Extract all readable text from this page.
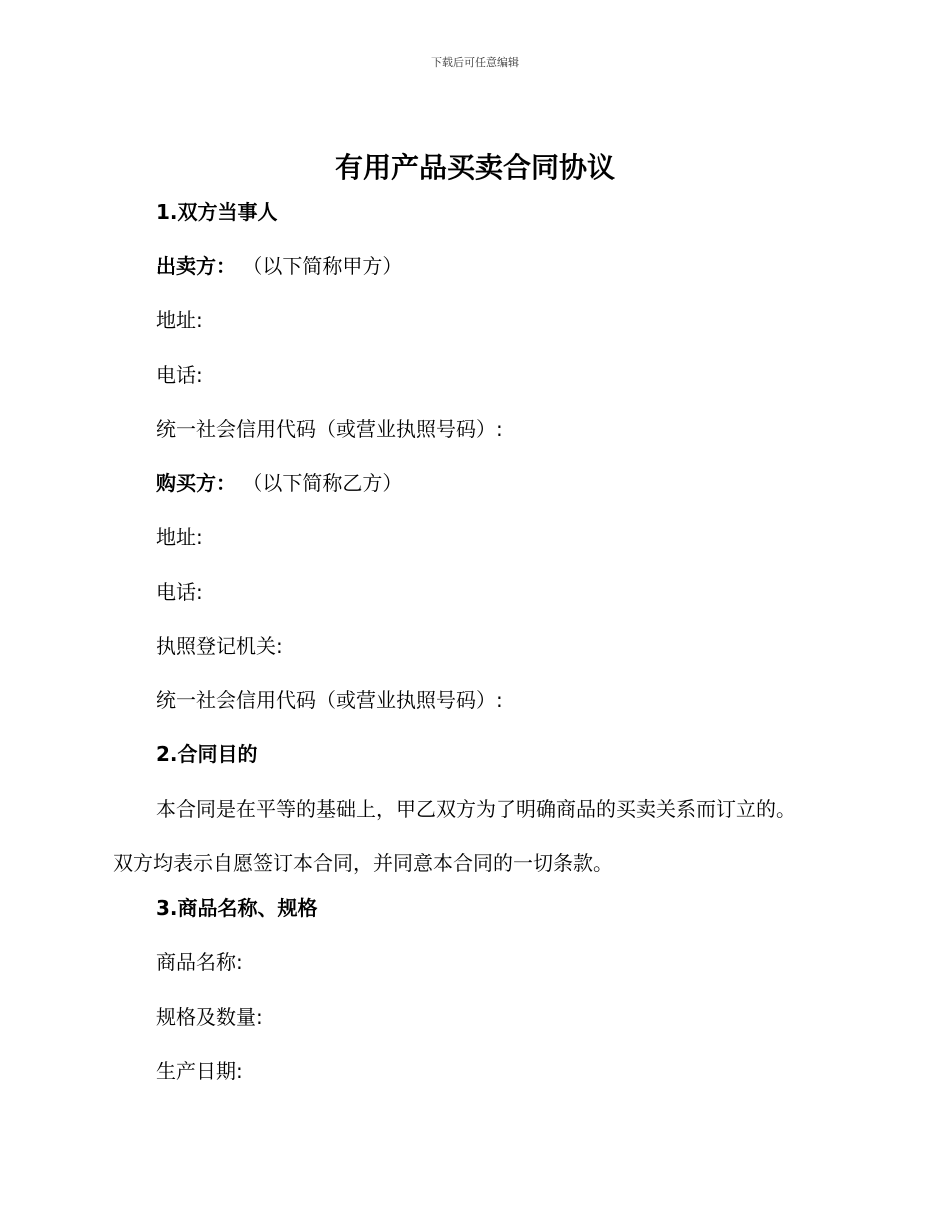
下载后可任意编辑
有用产品买卖合同协议
1.双方当事人
出卖方： （以下简称甲方）
地址:
电话:
统一社会信用代码（或营业执照号码）:
购买方： （以下简称乙方）
地址:
电话:
执照登记机关:
统一社会信用代码（或营业执照号码）:
2.合同目的
本合同是在平等的基础上，甲乙双方为了明确商品的买卖关系而订立的。双方均表示自愿签订本合同，并同意本合同的一切条款。
3.商品名称、规格
商品名称:
规格及数量:
生产日期:
